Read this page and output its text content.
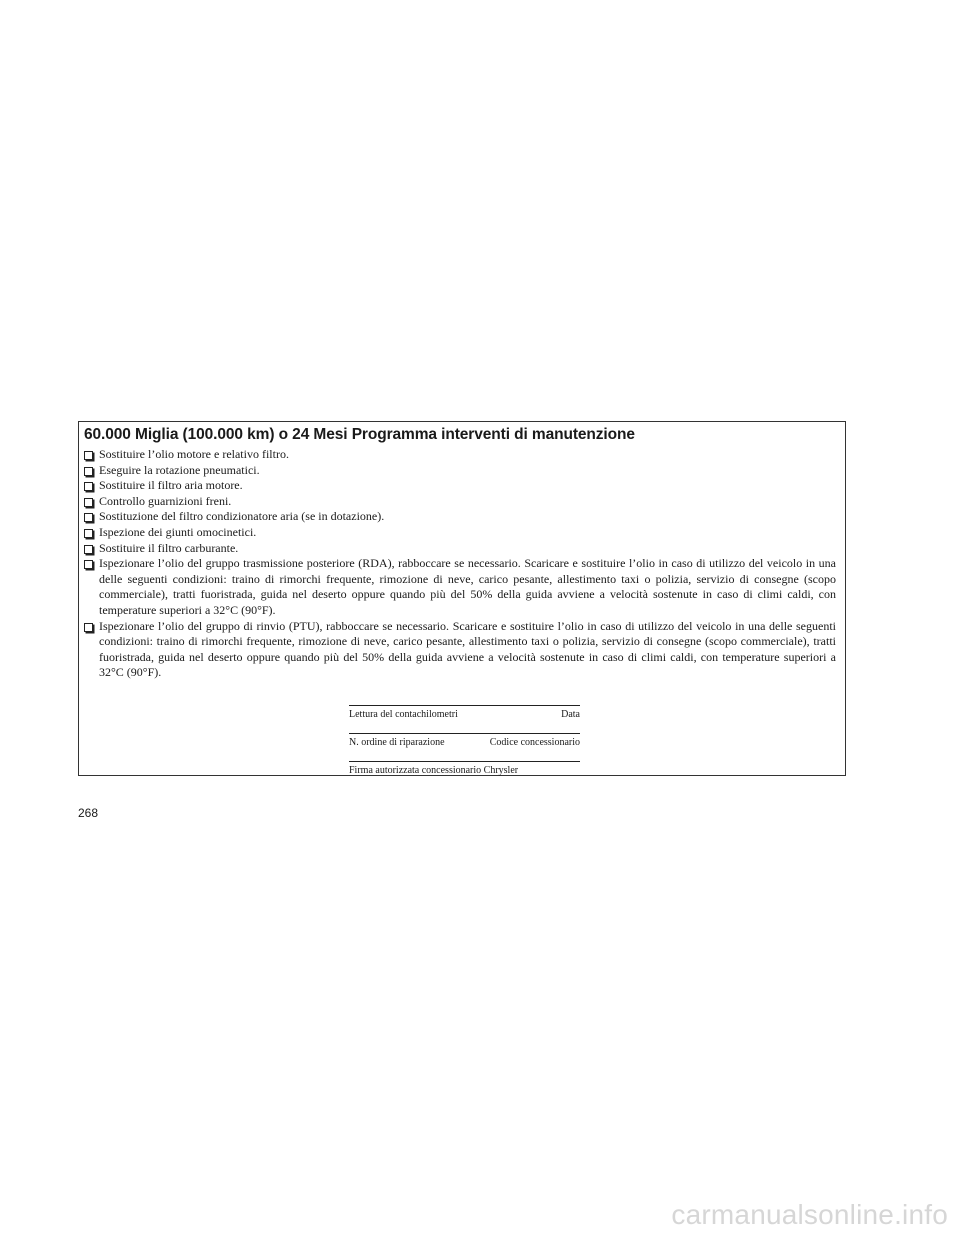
60.000 Miglia (100.000 km) o 24 Mesi Programma interventi di manutenzione
Sostituire l’olio motore e relativo filtro.
Eseguire la rotazione pneumatici.
Sostituire il filtro aria motore.
Controllo guarnizioni freni.
Sostituzione del filtro condizionatore aria (se in dotazione).
Ispezione dei giunti omocinetici.
Sostituire il filtro carburante.
Ispezionare l’olio del gruppo trasmissione posteriore (RDA), rabboccare se necessario. Scaricare e sostituire l’olio in caso di utilizzo del veicolo in una delle seguenti condizioni: traino di rimorchi frequente, rimozione di neve, carico pesante, allestimento taxi o polizia, servizio di consegne (scopo commerciale), tratti fuoristrada, guida nel deserto oppure quando più del 50% della guida avviene a velocità sostenute in caso di climi caldi, con temperature superiori a 32°C (90°F).
Ispezionare l’olio del gruppo di rinvio (PTU), rabboccare se necessario. Scaricare e sostituire l’olio in caso di utilizzo del veicolo in una delle seguenti condizioni: traino di rimorchi frequente, rimozione di neve, carico pesante, allestimento taxi o polizia, servizio di consegne (scopo commerciale), tratti fuoristrada, guida nel deserto oppure quando più del 50% della guida avviene a velocità sostenute in caso di climi caldi, con temperature superiori a 32°C (90°F).
Lettura del contachilometri	Data
N. ordine di riparazione	Codice concessionario
Firma autorizzata concessionario Chrysler
268
carmanualsonline.info
